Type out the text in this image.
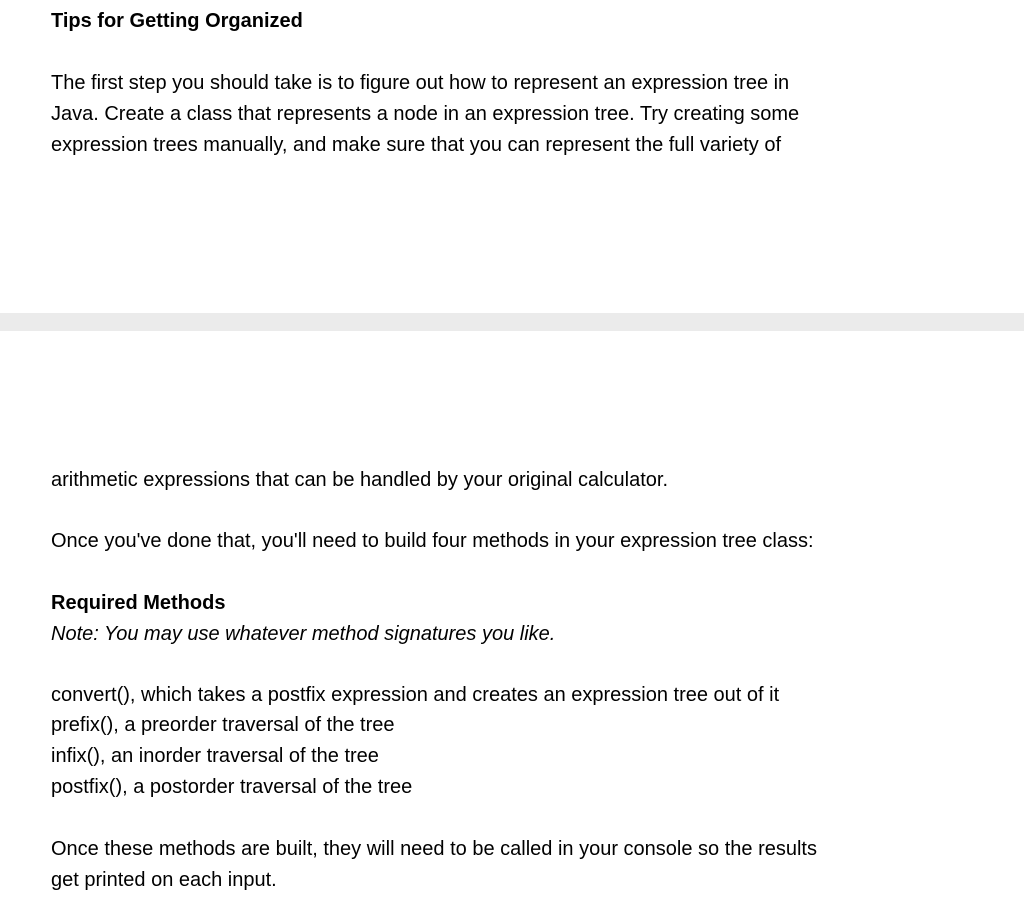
Tips for Getting Organized
The first step you should take is to figure out how to represent an expression tree in
Java. Create a class that represents a node in an expression tree. Try creating some
expression trees manually, and make sure that you can represent the full variety of
arithmetic expressions that can be handled by your original calculator.
Once you've done that, you'll need to build four methods in your expression tree class:
Required Methods
Note: You may use whatever method signatures you like.
convert(), which takes a postfix expression and creates an expression tree out of it
prefix(), a preorder traversal of the tree
infix(), an inorder traversal of the tree
postfix(), a postorder traversal of the tree
Once these methods are built, they will need to be called in your console so the results
get printed on each input.
